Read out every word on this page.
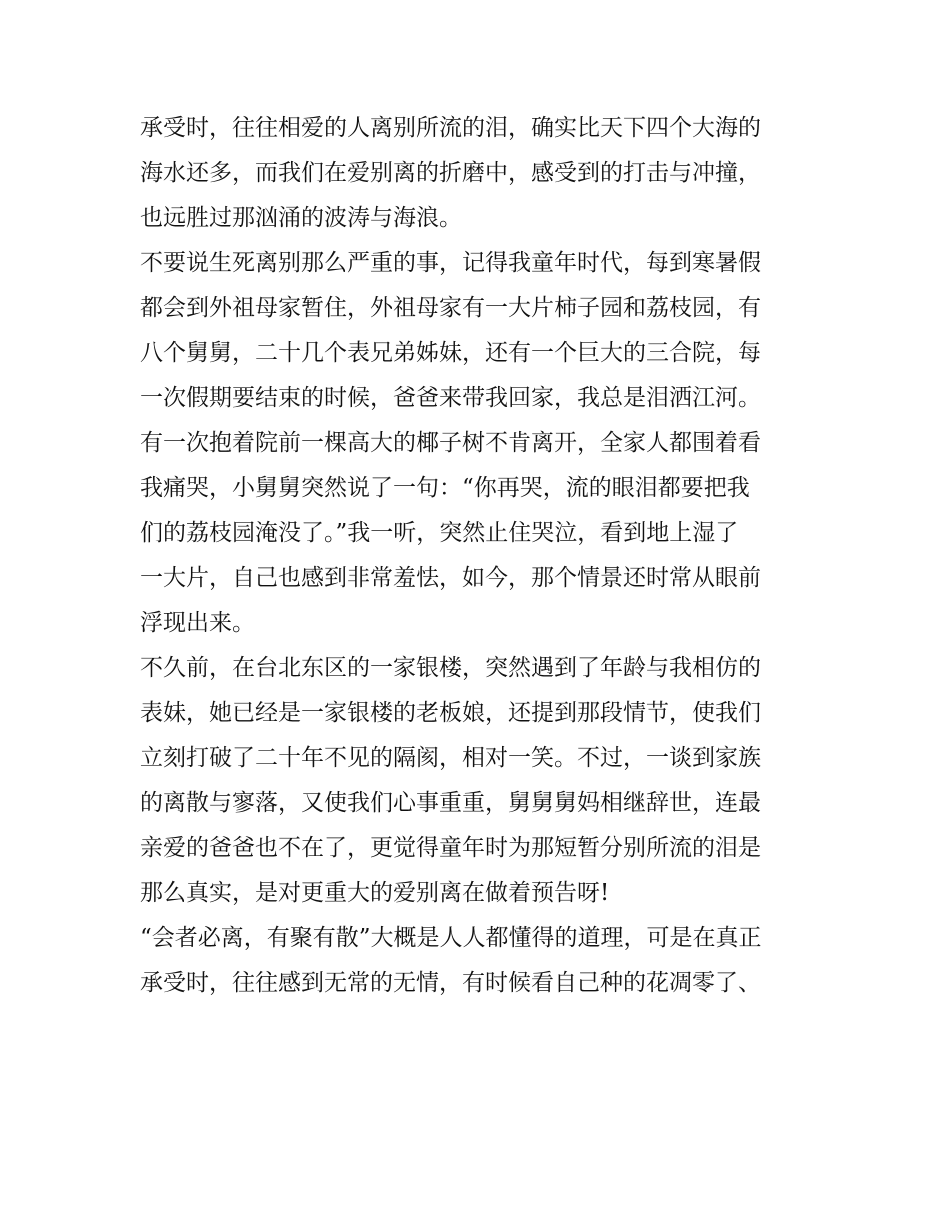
承受时，往往相爱的人离别所流的泪，确实比天下四个大海的
海水还多，而我们在爱别离的折磨中，感受到的打击与冲撞，
也远胜过那汹涌的波涛与海浪。
不要说生死离别那么严重的事，记得我童年时代，每到寒暑假
都会到外祖母家暂住，外祖母家有一大片柿子园和荔枝园，有
八个舅舅，二十几个表兄弟姊妹，还有一个巨大的三合院，每
一次假期要结束的时候，爸爸来带我回家，我总是泪洒江河。
有一次抱着院前一棵高大的椰子树不肯离开，全家人都围着看
我痛哭，小舅舅突然说了一句：“你再哭，流的眼泪都要把我
们的荔枝园淹没了。”我一听，突然止住哭泣，看到地上湿了
一大片，自己也感到非常羞怯，如今，那个情景还时常从眼前
浮现出来。
不久前，在台北东区的一家银楼，突然遇到了年龄与我相仿的
表妹，她已经是一家银楼的老板娘，还提到那段情节，使我们
立刻打破了二十年不见的隔阂，相对一笑。不过，一谈到家族
的离散与寥落，又使我们心事重重，舅舅舅妈相继辞世，连最
亲爱的爸爸也不在了，更觉得童年时为那短暂分别所流的泪是
那么真实，是对更重大的爱别离在做着预告呀!
“会者必离，有聚有散”大概是人人都懂得的道理，可是在真正
承受时，往往感到无常的无情，有时候看自己种的花凋零了、
